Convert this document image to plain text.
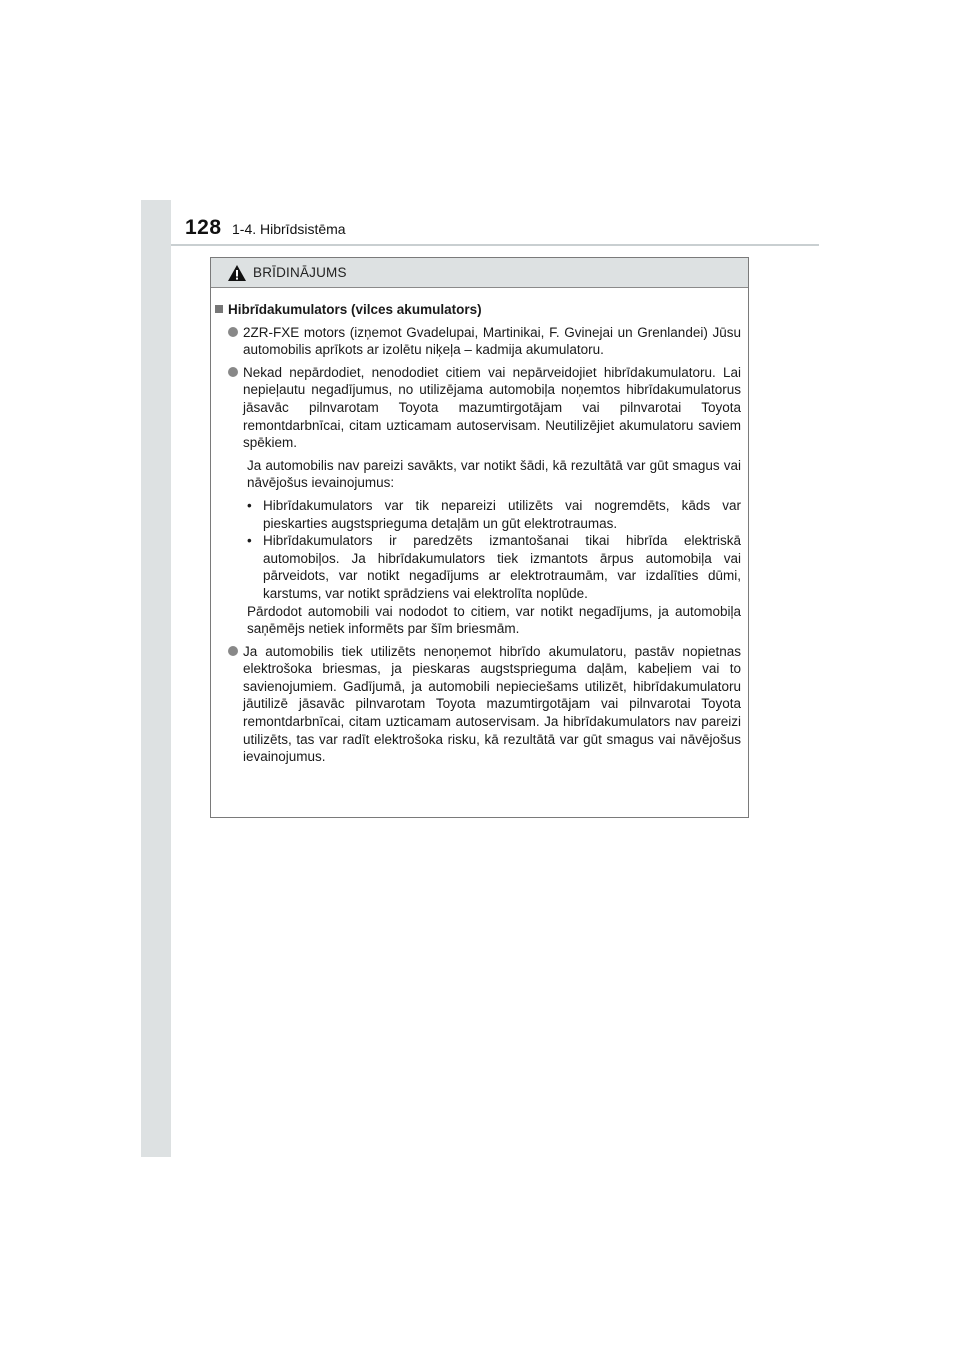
128 1-4. Hibrīdsistēma
BRĪDINĀJUMS
Hibrīdakumulators (vilces akumulators)
2ZR-FXE motors (izņemot Gvadelupai, Martinikai, F. Gvinejai un Grenlandei) Jūsu automobilis aprīkots ar izolētu niķeļa – kadmija akumulatoru.
Nekad nepārdodiet, nenododiet citiem vai nepārveidojiet hibrīdakumulatoru. Lai nepieļautu negadījumus, no utilizējama automobiļa noņemtos hibrīdakumulatorus jāsavāc pilnvarotam Toyota mazumtirgotājam vai pilnvarotai Toyota remontdarbnīcai, citam uzticamam autoservisam. Neutilizējiet akumulatoru saviem spēkiem.
Ja automobilis nav pareizi savākts, var notikt šādi, kā rezultātā var gūt smagus vai nāvējošus ievainojumus:
• Hibrīdakumulators var tik nepareizi utilizēts vai nogremdēts, kāds var pieskarties augstsprieguma detaļām un gūt elektrotraumas.
• Hibrīdakumulators ir paredzēts izmantošanai tikai hibrīda elektriskā automobiļos. Ja hibrīdakumulators tiek izmantots ārpus automobiļa vai pārveidots, var notikt negadījums ar elektrotraumām, var izdalīties dūmi, karstums, var notikt sprādziens vai elektrolīta noplūde.
Pārdodot automobili vai nododot to citiem, var notikt negadījums, ja automobiļa saņēmējs netiek informēts par šīm briesmām.
Ja automobilis tiek utilizēts nenoņemot hibrīdo akumulatoru, pastāv nopietnas elektrošoka briesmas, ja pieskaras augstsprieguma daļām, kabeļiem vai to savienojumiem. Gadījumā, ja automobili nepieciešams utilizēt, hibrīdakumulatoru jāutilizē jāsavāc pilnvarotam Toyota mazumtirgotājam vai pilnvarotai Toyota remontdarbnīcai, citam uzticamam autoservisam. Ja hibrīdakumulators nav pareizi utilizēts, tas var radīt elektrošoka risku, kā rezultātā var gūt smagus vai nāvējošus ievainojumus.
